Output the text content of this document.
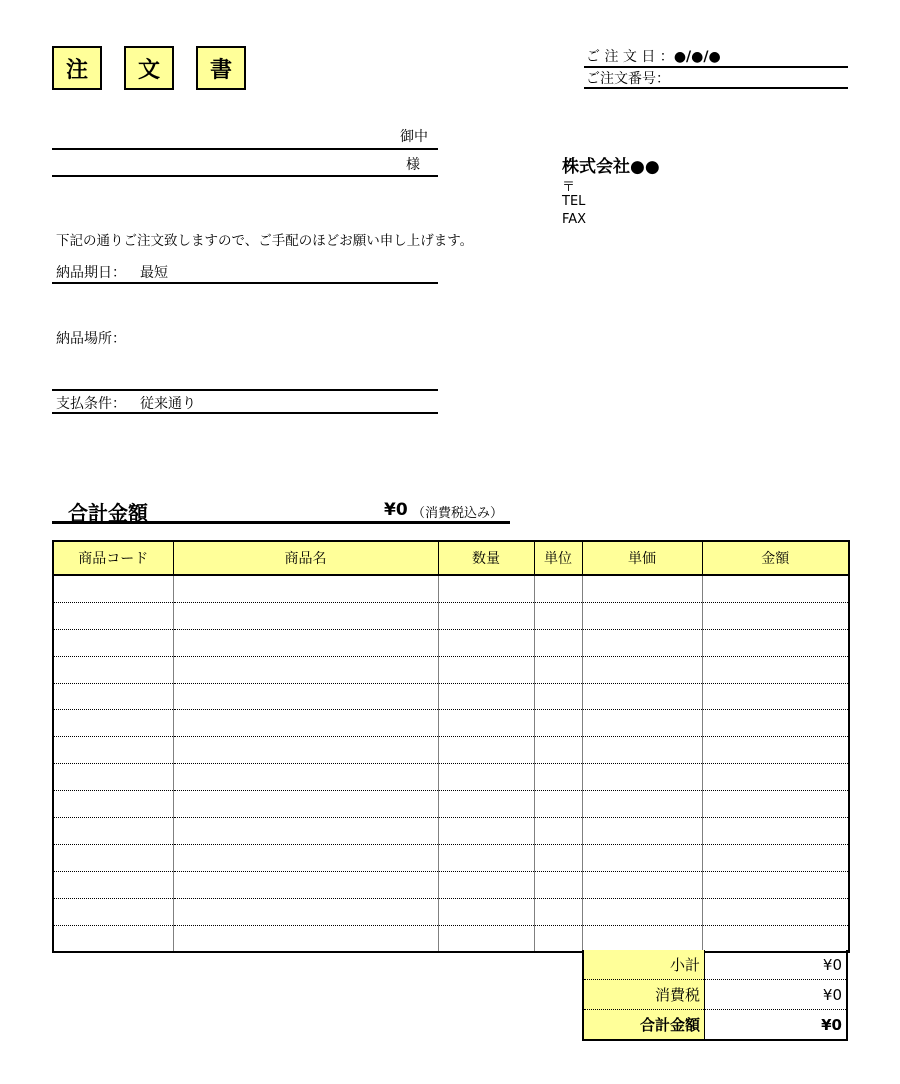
注	文	書
ご 注 文 日 ：●/●/●
ご注文番号：
御中
様	株式会社●●
〒
TEL
FAX
下記の通りご注文致しますので、ご手配のほどお願い申し上げます。
納品期日： 最短
納品場所：
支払条件： 従来通り
合計金額	¥0 （消費税込み）
商品コード	商品名	数量	単位	単価	金額

小計	¥0
消費税	¥0
合計金額	¥0
